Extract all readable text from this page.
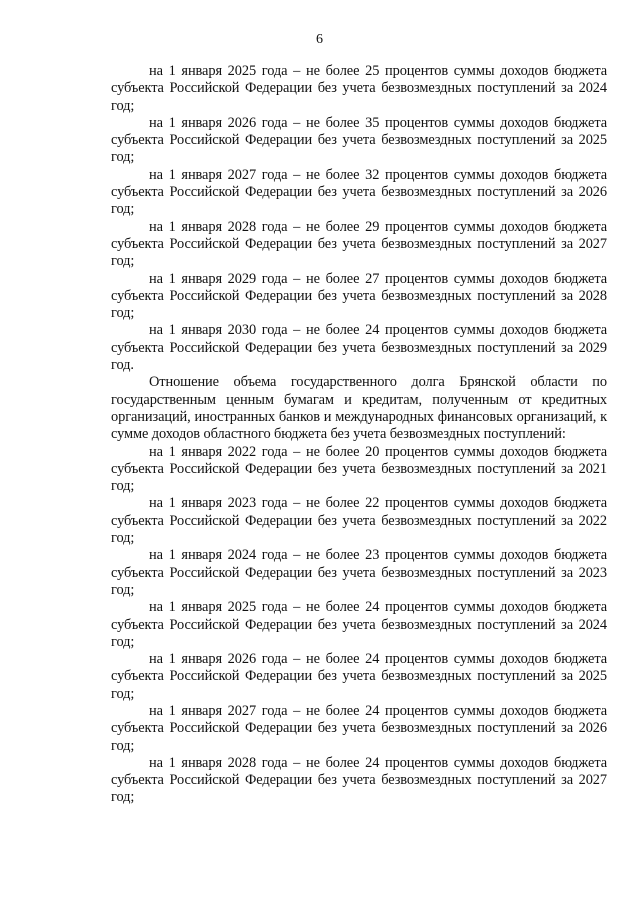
6

на 1 января 2025 года – не более 25 процентов суммы доходов бюджета субъекта Российской Федерации без учета безвозмездных поступлений за 2024 год;

на 1 января 2026 года – не более 35 процентов суммы доходов бюджета субъекта Российской Федерации без учета безвозмездных поступлений за 2025 год;

на 1 января 2027 года – не более 32 процентов суммы доходов бюджета субъекта Российской Федерации без учета безвозмездных поступлений за 2026 год;

на 1 января 2028 года – не более 29 процентов суммы доходов бюджета субъекта Российской Федерации без учета безвозмездных поступлений за 2027 год;

на 1 января 2029 года – не более 27 процентов суммы доходов бюджета субъекта Российской Федерации без учета безвозмездных поступлений за 2028 год;

на 1 января 2030 года – не более 24 процентов суммы доходов бюджета субъекта Российской Федерации без учета безвозмездных поступлений за 2029 год.

Отношение объема государственного долга Брянской области по государственным ценным бумагам и кредитам, полученным от кредитных организаций, иностранных банков и международных финансовых организаций, к сумме доходов областного бюджета без учета безвозмездных поступлений:

на 1 января 2022 года – не более 20 процентов суммы доходов бюджета субъекта Российской Федерации без учета безвозмездных поступлений за 2021 год;

на 1 января 2023 года – не более 22 процентов суммы доходов бюджета субъекта Российской Федерации без учета безвозмездных поступлений за 2022 год;

на 1 января 2024 года – не более 23 процентов суммы доходов бюджета субъекта Российской Федерации без учета безвозмездных поступлений за 2023 год;

на 1 января 2025 года – не более 24 процентов суммы доходов бюджета субъекта Российской Федерации без учета безвозмездных поступлений за 2024 год;

на 1 января 2026 года – не более 24 процентов суммы доходов бюджета субъекта Российской Федерации без учета безвозмездных поступлений за 2025 год;

на 1 января 2027 года – не более 24 процентов суммы доходов бюджета субъекта Российской Федерации без учета безвозмездных поступлений за 2026 год;

на 1 января 2028 года – не более 24 процентов суммы доходов бюджета субъекта Российской Федерации без учета безвозмездных поступлений за 2027 год;
